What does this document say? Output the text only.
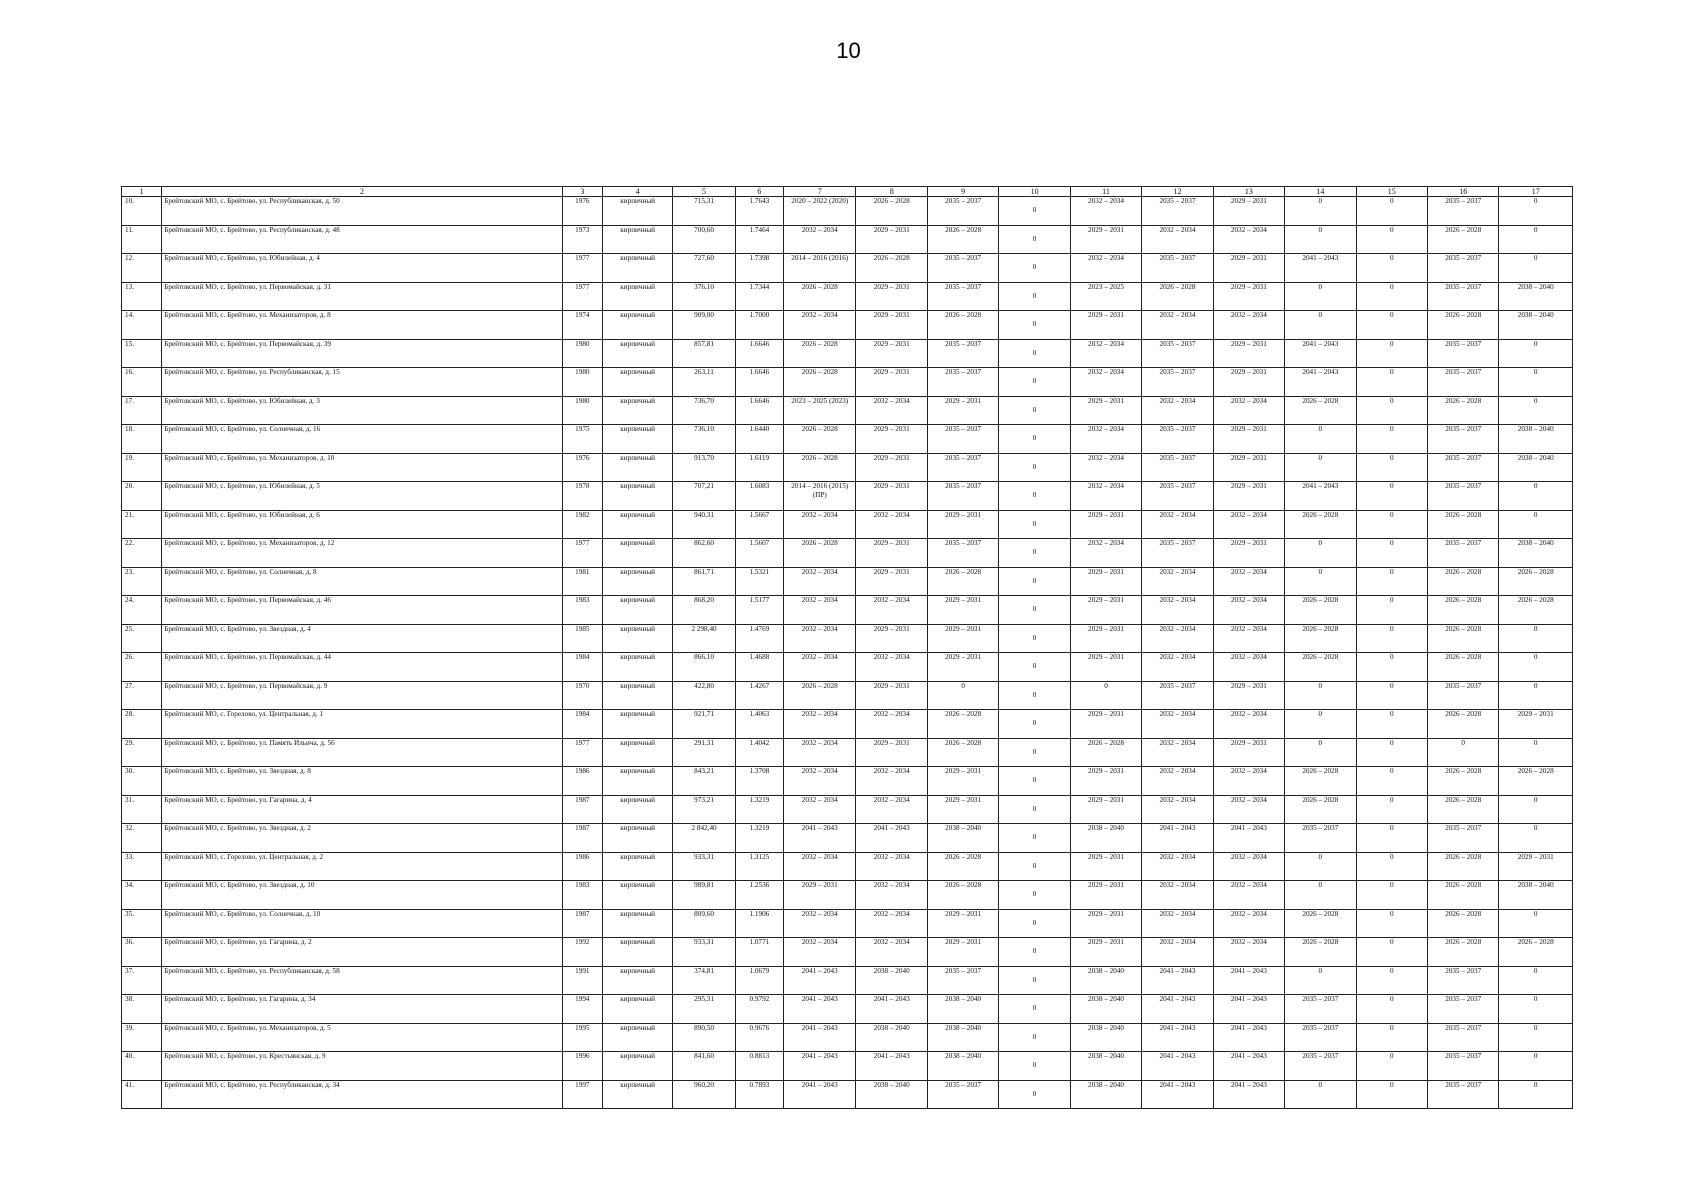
10
1	2	3	4	5	6	7	8	9	10	11	12	13	14	15	16	17
10.	Брейтовский МО, с. Брейтово, ул. Республиканская, д. 50	1976	кирпичный	715,31	1.7643	2020 – 2022 (2020)	2026 – 2028	2035 – 2037	0	2032 – 2034	2035 – 2037	2029 – 2031	0	0	2035 – 2037	0
11.	Брейтовский МО, с. Брейтово, ул. Республиканская, д. 48	1973	кирпичный	700,60	1.7464	2032 – 2034	2029 – 2031	2026 – 2028	0	2029 – 2031	2032 – 2034	2032 – 2034	0	0	2026 – 2028	0
12.	Брейтовский МО, с. Брейтово, ул. Юбилейная, д. 4	1977	кирпичный	727,60	1.7398	2014 – 2016 (2016)	2026 – 2028	2035 – 2037	0	2032 – 2034	2035 – 2037	2029 – 2031	2041 – 2043	0	2035 – 2037	0
13.	Брейтовский МО, с. Брейтово, ул. Первомайская, д. 31	1977	кирпичный	376,10	1.7344	2026 – 2028	2029 – 2031	2035 – 2037	0	2023 – 2025	2026 – 2028	2029 – 2031	0	0	2035 – 2037	2038 – 2040
14.	Брейтовский МО, с. Брейтово, ул. Механизаторов, д. 8	1974	кирпичный	909,00	1.7000	2032 – 2034	2029 – 2031	2026 – 2028	0	2029 – 2031	2032 – 2034	2032 – 2034	0	0	2026 – 2028	2038 – 2040
15.	Брейтовский МО, с. Брейтово, ул. Первомайская, д. 39	1980	кирпичный	857,81	1.6646	2026 – 2028	2029 – 2031	2035 – 2037	0	2032 – 2034	2035 – 2037	2029 – 2031	2041 – 2043	0	2035 – 2037	0
16.	Брейтовский МО, с. Брейтово, ул. Республиканская, д. 15	1980	кирпичный	263,11	1.6646	2026 – 2028	2029 – 2031	2035 – 2037	0	2032 – 2034	2035 – 2037	2029 – 2031	2041 – 2043	0	2035 – 2037	0
17.	Брейтовский МО, с. Брейтово, ул. Юбилейная, д. 3	1980	кирпичный	736,70	1.6646	2023 – 2025 (2023)	2032 – 2034	2029 – 2031	0	2029 – 2031	2032 – 2034	2032 – 2034	2026 – 2028	0	2026 – 2028	0
18.	Брейтовский МО, с. Брейтово, ул. Солнечная, д. 16	1975	кирпичный	736,10	1.6440	2026 – 2028	2029 – 2031	2035 – 2037	0	2032 – 2034	2035 – 2037	2029 – 2031	0	0	2035 – 2037	2038 – 2040
19.	Брейтовский МО, с. Брейтово, ул. Механизаторов, д. 10	1976	кирпичный	913,70	1.6119	2026 – 2028	2029 – 2031	2035 – 2037	0	2032 – 2034	2035 – 2037	2029 – 2031	0	0	2035 – 2037	2038 – 2040
20.	Брейтовский МО, с. Брейтово, ул. Юбилейная, д. 5	1978	кирпичный	707,21	1.6083	2014 – 2016 (2015) (ПР)	2029 – 2031	2035 – 2037	0	2032 – 2034	2035 – 2037	2029 – 2031	2041 – 2043	0	2035 – 2037	0
21.	Брейтовский МО, с. Брейтово, ул. Юбилейная, д. 6	1982	кирпичный	940,31	1.5667	2032 – 2034	2032 – 2034	2029 – 2031	0	2029 – 2031	2032 – 2034	2032 – 2034	2026 – 2028	0	2026 – 2028	0
22.	Брейтовский МО, с. Брейтово, ул. Механизаторов, д. 12	1977	кирпичный	862,60	1.5607	2026 – 2028	2029 – 2031	2035 – 2037	0	2032 – 2034	2035 – 2037	2029 – 2031	0	0	2035 – 2037	2038 – 2040
23.	Брейтовский МО, с. Брейтово, ул. Солнечная, д. 8	1981	кирпичный	861,71	1.5321	2032 – 2034	2029 – 2031	2026 – 2028	0	2029 – 2031	2032 – 2034	2032 – 2034	0	0	2026 – 2028	2026 – 2028
24.	Брейтовский МО, с. Брейтово, ул. Первомайская, д. 46	1983	кирпичный	868,20	1.5177	2032 – 2034	2032 – 2034	2029 – 2031	0	2029 – 2031	2032 – 2034	2032 – 2034	2026 – 2028	0	2026 – 2028	2026 – 2028
25.	Брейтовский МО, с. Брейтово, ул. Звездная, д. 4	1985	кирпичный	2 298,40	1.4769	2032 – 2034	2029 – 2031	2029 – 2031	0	2029 – 2031	2032 – 2034	2032 – 2034	2026 – 2028	0	2026 – 2028	0
26.	Брейтовский МО, с. Брейтово, ул. Первомайская, д. 44	1984	кирпичный	866,10	1.4688	2032 – 2034	2032 – 2034	2029 – 2031	0	2029 – 2031	2032 – 2034	2032 – 2034	2026 – 2028	0	2026 – 2028	0
27.	Брейтовский МО, с. Брейтово, ул. Первомайская, д. 9	1970	кирпичный	422,80	1.4267	2026 – 2028	2029 – 2031	0	0	0	2035 – 2037	2029 – 2031	0	0	2035 – 2037	0
28.	Брейтовский МО, с. Горелово, ул. Центральная, д. 1	1984	кирпичный	921,71	1.4063	2032 – 2034	2032 – 2034	2026 – 2028	0	2029 – 2031	2032 – 2034	2032 – 2034	0	0	2026 – 2028	2029 – 2031
29.	Брейтовский МО, с. Брейтово, ул. Память Ильича, д. 56	1977	кирпичный	291,31	1.4042	2032 – 2034	2029 – 2031	2026 – 2028	0	2026 – 2028	2032 – 2034	2029 – 2031	0	0	0	0
30.	Брейтовский МО, с. Брейтово, ул. Звездная, д. 8	1986	кирпичный	843,21	1.3708	2032 – 2034	2032 – 2034	2029 – 2031	0	2029 – 2031	2032 – 2034	2032 – 2034	2026 – 2028	0	2026 – 2028	2026 – 2028
31.	Брейтовский МО, с. Брейтово, ул. Гагарина, д. 4	1987	кирпичный	973,21	1.3219	2032 – 2034	2032 – 2034	2029 – 2031	0	2029 – 2031	2032 – 2034	2032 – 2034	2026 – 2028	0	2026 – 2028	0
32.	Брейтовский МО, с. Брейтово, ул. Звездная, д. 2	1987	кирпичный	2 842,40	1.3219	2041 – 2043	2041 – 2043	2038 – 2040	0	2038 – 2040	2041 – 2043	2041 – 2043	2035 – 2037	0	2035 – 2037	0
33.	Брейтовский МО, с. Горелово, ул. Центральная, д. 2	1986	кирпичный	933,31	1.3125	2032 – 2034	2032 – 2034	2026 – 2028	0	2029 – 2031	2032 – 2034	2032 – 2034	0	0	2026 – 2028	2029 – 2031
34.	Брейтовский МО, с. Брейтово, ул. Звездная, д. 10	1983	кирпичный	989,81	1.2536	2029 – 2031	2032 – 2034	2026 – 2028	0	2029 – 2031	2032 – 2034	2032 – 2034	0	0	2026 – 2028	2038 – 2040
35.	Брейтовский МО, с. Брейтово, ул. Солнечная, д. 10	1987	кирпичный	809,60	1.1906	2032 – 2034	2032 – 2034	2029 – 2031	0	2029 – 2031	2032 – 2034	2032 – 2034	2026 – 2028	0	2026 – 2028	0
36.	Брейтовский МО, с. Брейтово, ул. Гагарина, д. 2	1992	кирпичный	933,31	1.0771	2032 – 2034	2032 – 2034	2029 – 2031	0	2029 – 2031	2032 – 2034	2032 – 2034	2026 – 2028	0	2026 – 2028	2026 – 2028
37.	Брейтовский МО, с. Брейтово, ул. Республиканская, д. 58	1991	кирпичный	374,81	1.0679	2041 – 2043	2038 – 2040	2035 – 2037	0	2038 – 2040	2041 – 2043	2041 – 2043	0	0	2035 – 2037	0
38.	Брейтовский МО, с. Брейтово, ул. Гагарина, д. 34	1994	кирпичный	295,31	0.9792	2041 – 2043	2041 – 2043	2038 – 2040	0	2038 – 2040	2041 – 2043	2041 – 2043	2035 – 2037	0	2035 – 2037	0
39.	Брейтовский МО, с. Брейтово, ул. Механизаторов, д. 5	1995	кирпичный	890,50	0.9676	2041 – 2043	2038 – 2040	2038 – 2040	0	2038 – 2040	2041 – 2043	2041 – 2043	2035 – 2037	0	2035 – 2037	0
40.	Брейтовский МО, с. Брейтово, ул. Крестьянская, д. 9	1996	кирпичный	841,60	0.8813	2041 – 2043	2041 – 2043	2038 – 2040	0	2038 – 2040	2041 – 2043	2041 – 2043	2035 – 2037	0	2035 – 2037	0
41.	Брейтовский МО, с. Брейтово, ул. Республиканская, д. 34	1997	кирпичный	960,20	0.7893	2041 – 2043	2038 – 2040	2035 – 2037	0	2038 – 2040	2041 – 2043	2041 – 2043	0	0	2035 – 2037	0
